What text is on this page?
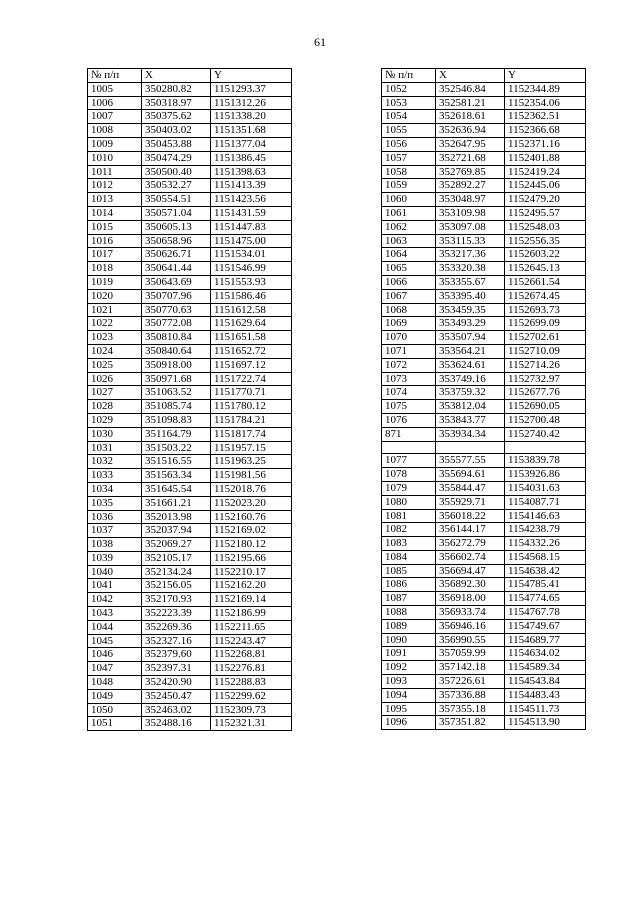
61
№ п/п	X	Y
1005	350280.82	1151293.37
1006	350318.97	1151312.26
1007	350375.62	1151338.20
1008	350403.02	1151351.68
1009	350453.88	1151377.04
1010	350474.29	1151386.45
1011	350500.40	1151398.63
1012	350532.27	1151413.39
1013	350554.51	1151423.56
1014	350571.04	1151431.59
1015	350605.13	1151447.83
1016	350658.96	1151475.00
1017	350626.71	1151534.01
1018	350641.44	1151546.99
1019	350643.69	1151553.93
1020	350707.96	1151586.46
1021	350770.63	1151612.58
1022	350772.08	1151629.64
1023	350810.84	1151651.58
1024	350840.64	1151652.72
1025	350918.00	1151697.12
1026	350971.68	1151722.74
1027	351063.52	1151770.71
1028	351085.74	1151780.12
1029	351098.83	1151784.21
1030	351164.79	1151817.74
1031	351503.22	1151957.15
1032	351516.55	1151963.25
1033	351563.34	1151981.56
1034	351645.54	1152018.76
1035	351661.21	1152023.20
1036	352013.98	1152160.76
1037	352037.94	1152169.02
1038	352069.27	1152180.12
1039	352105.17	1152195.66
1040	352134.24	1152210.17
1041	352156.05	1152162.20
1042	352170.93	1152169.14
1043	352223.39	1152186.99
1044	352269.36	1152211.65
1045	352327.16	1152243.47
1046	352379.60	1152268.81
1047	352397.31	1152276.81
1048	352420.90	1152288.83
1049	352450.47	1152299.62
1050	352463.02	1152309.73
1051	352488.16	1152321.31
№ п/п	X	Y
1052	352546.84	1152344.89
1053	352581.21	1152354.06
1054	352618.61	1152362.51
1055	352636.94	1152366.68
1056	352647.95	1152371.16
1057	352721.68	1152401.88
1058	352769.85	1152419.24
1059	352892.27	1152445.06
1060	353048.97	1152479.20
1061	353109.98	1152495.57
1062	353097.08	1152548.03
1063	353115.33	1152556.35
1064	353217.36	1152603.22
1065	353320.38	1152645.13
1066	353355.67	1152661.54
1067	353395.40	1152674.45
1068	353459.35	1152693.73
1069	353493.29	1152699.09
1070	353507.94	1152702.61
1071	353564.21	1152710.09
1072	353624.61	1152714.26
1073	353749.16	1152732.97
1074	353759.32	1152677.76
1075	353812.04	1152690.05
1076	353843.77	1152700.48
871	353934.34	1152740.42

1077	355577.55	1153839.78
1078	355694.61	1153926.86
1079	355844.47	1154031.63
1080	355929.71	1154087.71
1081	356018.22	1154146.63
1082	356144.17	1154238.79
1083	356272.79	1154332.26
1084	356602.74	1154568.15
1085	356694.47	1154638.42
1086	356892.30	1154785.41
1087	356918.00	1154774.65
1088	356933.74	1154767.78
1089	356946.16	1154749.67
1090	356990.55	1154689.77
1091	357059.99	1154634.02
1092	357142.18	1154589.34
1093	357226.61	1154543.84
1094	357336.88	1154483.43
1095	357355.18	1154511.73
1096	357351.82	1154513.90
